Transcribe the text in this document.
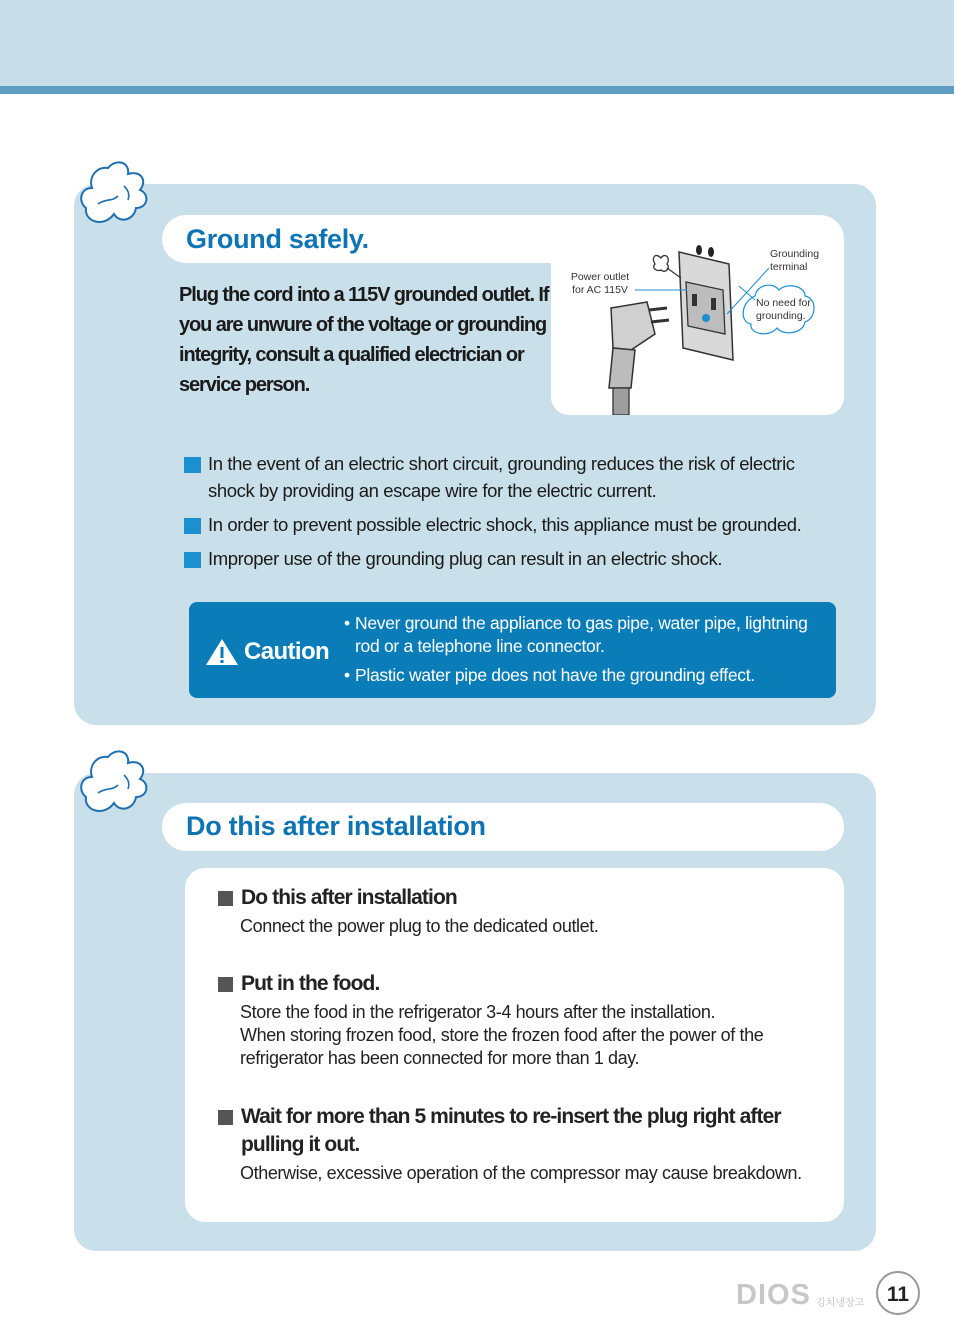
Ground safely.
Power outlet
for AC 115V
Grounding
terminal
No need for
grounding.
Plug the cord into a 115V grounded outlet. If you are unwure of the voltage or grounding integrity, consult a qualified electrician or service person.
In the event of an electric short circuit, grounding reduces the risk of electric shock by providing an escape wire for the electric current.
In order to prevent possible electric shock, this appliance must be grounded.
Improper use of the grounding plug can result in an electric shock.
Caution
• Never ground the appliance to gas pipe, water pipe, lightning rod or a telephone line connector.
• Plastic water pipe does not have the grounding effect.
Do this after installation
Do this after installation
Connect the power plug to the dedicated outlet.
Put in the food.
Store the food in the refrigerator 3-4 hours after the installation.
When storing frozen food, store the frozen food after the power of the refrigerator has been connected for more than 1 day.
Wait for more than 5 minutes to re-insert the plug right after pulling it out.
Otherwise, excessive operation of the compressor may cause breakdown.
DIOS 김치냉장고	11
